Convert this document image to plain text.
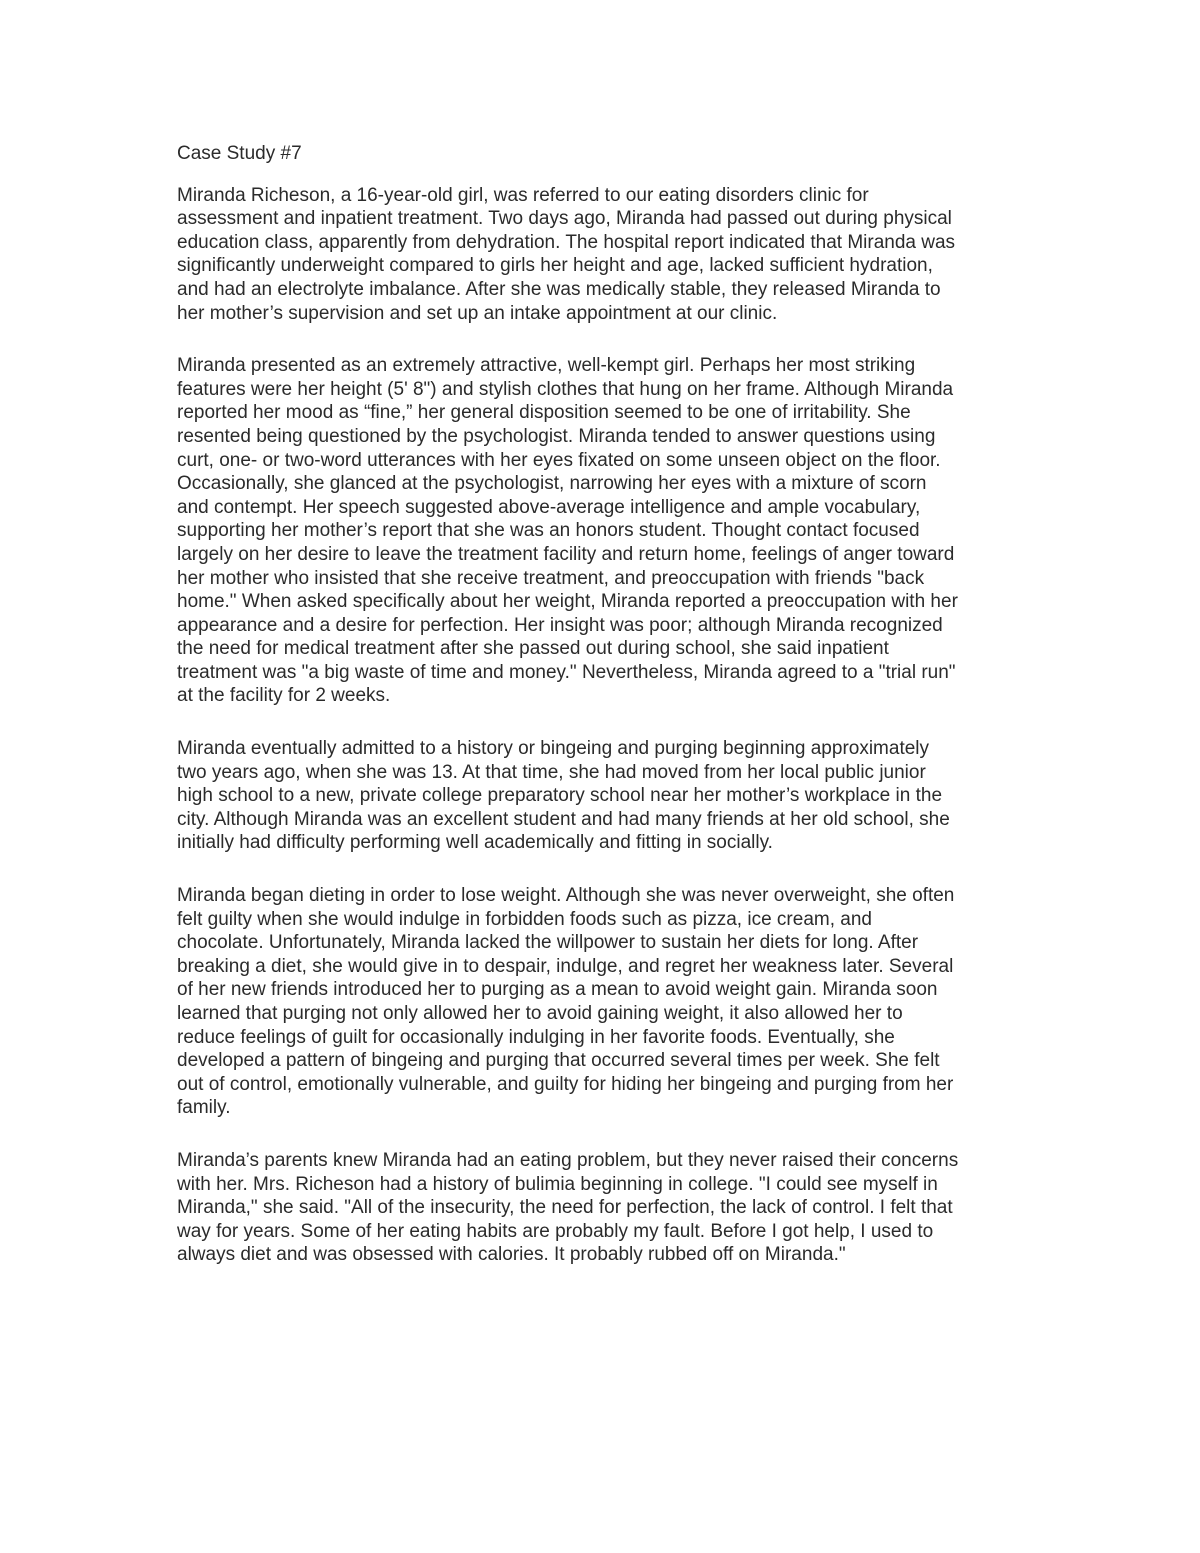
Case Study #7
Miranda Richeson, a 16-year-old girl, was referred to our eating disorders clinic for
assessment and inpatient treatment. Two days ago, Miranda had passed out during physical
education class, apparently from dehydration. The hospital report indicated that Miranda was
significantly underweight compared to girls her height and age, lacked sufficient hydration,
and had an electrolyte imbalance. After she was medically stable, they released Miranda to
her mother’s supervision and set up an intake appointment at our clinic.
Miranda presented as an extremely attractive, well-kempt girl. Perhaps her most striking
features were her height (5' 8") and stylish clothes that hung on her frame. Although Miranda
reported her mood as “fine,” her general disposition seemed to be one of irritability. She
resented being questioned by the psychologist. Miranda tended to answer questions using
curt, one- or two-word utterances with her eyes fixated on some unseen object on the floor.
Occasionally, she glanced at the psychologist, narrowing her eyes with a mixture of scorn
and contempt. Her speech suggested above-average intelligence and ample vocabulary,
supporting her mother’s report that she was an honors student. Thought contact focused
largely on her desire to leave the treatment facility and return home, feelings of anger toward
her mother who insisted that she receive treatment, and preoccupation with friends "back
home." When asked specifically about her weight, Miranda reported a preoccupation with her
appearance and a desire for perfection. Her insight was poor; although Miranda recognized
the need for medical treatment after she passed out during school, she said inpatient
treatment was "a big waste of time and money." Nevertheless, Miranda agreed to a "trial run"
at the facility for 2 weeks.
Miranda eventually admitted to a history or bingeing and purging beginning approximately
two years ago, when she was 13. At that time, she had moved from her local public junior
high school to a new, private college preparatory school near her mother’s workplace in the
city. Although Miranda was an excellent student and had many friends at her old school, she
initially had difficulty performing well academically and fitting in socially.
Miranda began dieting in order to lose weight. Although she was never overweight, she often
felt guilty when she would indulge in forbidden foods such as pizza, ice cream, and
chocolate. Unfortunately, Miranda lacked the willpower to sustain her diets for long. After
breaking a diet, she would give in to despair, indulge, and regret her weakness later. Several
of her new friends introduced her to purging as a mean to avoid weight gain. Miranda soon
learned that purging not only allowed her to avoid gaining weight, it also allowed her to
reduce feelings of guilt for occasionally indulging in her favorite foods. Eventually, she
developed a pattern of bingeing and purging that occurred several times per week. She felt
out of control, emotionally vulnerable, and guilty for hiding her bingeing and purging from her
family.
Miranda’s parents knew Miranda had an eating problem, but they never raised their concerns
with her. Mrs. Richeson had a history of bulimia beginning in college. "I could see myself in
Miranda," she said. "All of the insecurity, the need for perfection, the lack of control. I felt that
way for years. Some of her eating habits are probably my fault. Before I got help, I used to
always diet and was obsessed with calories. It probably rubbed off on Miranda."
